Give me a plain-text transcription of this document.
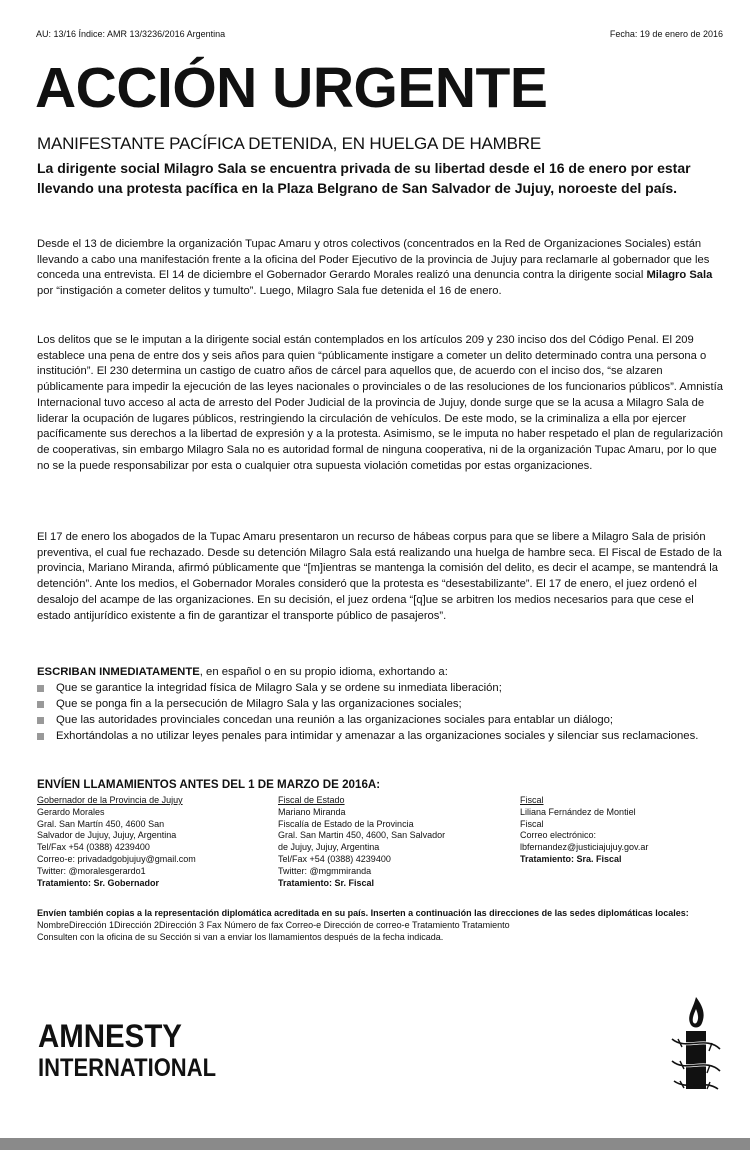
AU: 13/16 Índice: AMR 13/3236/2016 Argentina	Fecha: 19 de enero de 2016
ACCIÓN URGENTE
MANIFESTANTE PACÍFICA DETENIDA, EN HUELGA DE HAMBRE
La dirigente social Milagro Sala se encuentra privada de su libertad desde el 16 de enero por estar llevando una protesta pacífica en la Plaza Belgrano de San Salvador de Jujuy, noroeste del país.
Desde el 13 de diciembre la organización Tupac Amaru y otros colectivos (concentrados en la Red de Organizaciones Sociales) están llevando a cabo una manifestación frente a la oficina del Poder Ejecutivo de la provincia de Jujuy para reclamarle al gobernador que les conceda una entrevista. El 14 de diciembre el Gobernador Gerardo Morales realizó una denuncia contra la dirigente social Milagro Sala por “instigación a cometer delitos y tumulto”. Luego, Milagro Sala fue detenida el 16 de enero.
Los delitos que se le imputan a la dirigente social están contemplados en los artículos 209 y 230 inciso dos del Código Penal. El 209 establece una pena de entre dos y seis años para quien “públicamente instigare a cometer un delito determinado contra una persona o institución”. El 230 determina un castigo de cuatro años de cárcel para aquellos que, de acuerdo con el inciso dos, “se alzaren públicamente para impedir la ejecución de las leyes nacionales o provinciales o de las resoluciones de los funcionarios públicos”. Amnistía Internacional tuvo acceso al acta de arresto del Poder Judicial de la provincia de Jujuy, donde surge que se la acusa a Milagro Sala de liderar la ocupación de lugares públicos, restringiendo la circulación de vehículos. De este modo, se la criminaliza a ella por ejercer pacíficamente sus derechos a la libertad de expresión y a la protesta. Asimismo, se le imputa no haber respetado el plan de regularización de cooperativas, sin embargo Milagro Sala no es autoridad formal de ninguna cooperativa, ni de la organización Tupac Amaru, por lo que no se la puede responsabilizar por esta o cualquier otra supuesta violación cometidas por estas organizaciones.
El 17 de enero los abogados de la Tupac Amaru presentaron un recurso de hábeas corpus para que se libere a Milagro Sala de prisión preventiva, el cual fue rechazado. Desde su detención Milagro Sala está realizando una huelga de hambre seca. El Fiscal de Estado de la provincia, Mariano Miranda, afirmó públicamente que “[m]ientras se mantenga la comisión del delito, es decir el acampe, se mantendrá la detención”. Ante los medios, el Gobernador Morales consideró que la protesta es “desestabilizante”. El 17 de enero, el juez ordenó el desalojo del acampe de las organizaciones. En su decisión, el juez ordena “[q]ue se arbitren los medios necesarios para que cese el estado antijurídico existente a fin de garantizar el transporte público de pasajeros”.
ESCRIBAN INMEDIATAMENTE, en español o en su propio idioma, exhortando a:
Que se garantice la integridad física de Milagro Sala y se ordene su inmediata liberación;
Que se ponga fin a la persecución de Milagro Sala y las organizaciones sociales;
Que las autoridades provinciales concedan una reunión a las organizaciones sociales para entablar un diálogo;
Exhortándolas a no utilizar leyes penales para intimidar y amenazar a las organizaciones sociales y silenciar sus reclamaciones.
ENVÍEN LLAMAMIENTOS ANTES DEL 1 DE MARZO DE 2016A:
Gobernador de la Provincia de Jujuy
Gerardo Morales
Gral. San Martín 450, 4600 San
Salvador de Jujuy, Jujuy, Argentina
Tel/Fax +54 (0388) 4239400
Correo-e: privadadgobjujuy@gmail.com
Twitter: @moralesgerardo1
Tratamiento: Sr. Gobernador
Fiscal de Estado
Mariano Miranda
Fiscalía de Estado de la Provincia
Gral. San Martin 450, 4600, San Salvador
de Jujuy, Jujuy, Argentina
Tel/Fax +54 (0388) 4239400
Twitter: @mgmmiranda
Tratamiento: Sr. Fiscal
Fiscal
Liliana Fernández de Montiel
Fiscal
Correo electrónico:
lbfernandez@justiciajujuy.gov.ar
Tratamiento: Sra. Fiscal
Envíen también copias a la representación diplomática acreditada en su país. Inserten a continuación las direcciones de las sedes diplomáticas locales:
NombreDirección 1Dirección 2Dirección 3 Fax Número de fax Correo-e Dirección de correo-e Tratamiento Tratamiento
Consulten con la oficina de su Sección si van a enviar los llamamientos después de la fecha indicada.
AMNESTY
INTERNATIONAL
